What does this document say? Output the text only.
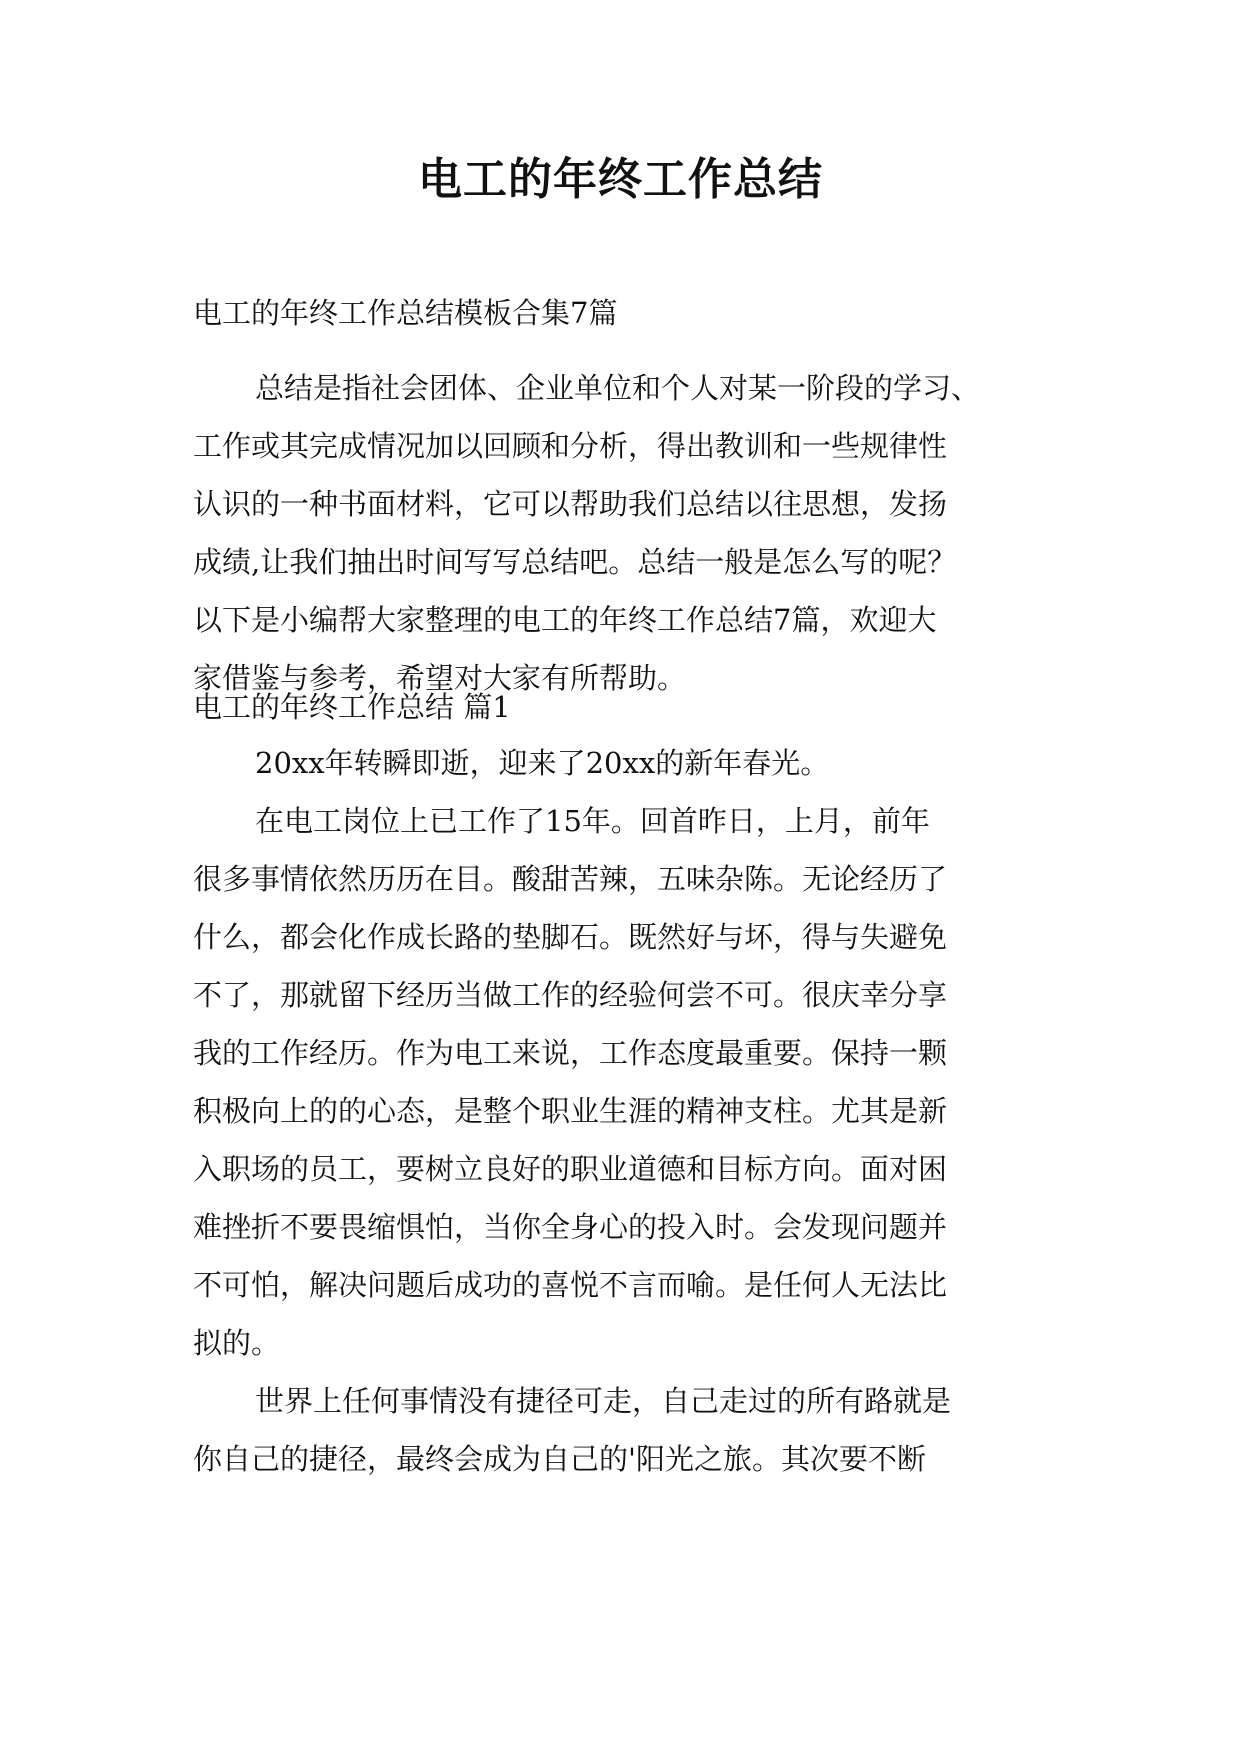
电工的年终工作总结
电工的年终工作总结模板合集7篇
总结是指社会团体、企业单位和个人对某一阶段的学习、
工作或其完成情况加以回顾和分析，得出教训和一些规律性
认识的一种书面材料，它可以帮助我们总结以往思想，发扬
成绩,让我们抽出时间写写总结吧。总结一般是怎么写的呢？
以下是小编帮大家整理的电工的年终工作总结7篇，欢迎大
家借鉴与参考，希望对大家有所帮助。
电工的年终工作总结 篇1
20xx年转瞬即逝，迎来了20xx的新年春光。
在电工岗位上已工作了15年。回首昨日，上月，前年
很多事情依然历历在目。酸甜苦辣，五味杂陈。无论经历了
什么，都会化作成长路的垫脚石。既然好与坏，得与失避免
不了，那就留下经历当做工作的经验何尝不可。很庆幸分享
我的工作经历。作为电工来说，工作态度最重要。保持一颗
积极向上的的心态，是整个职业生涯的精神支柱。尤其是新
入职场的员工，要树立良好的职业道德和目标方向。面对困
难挫折不要畏缩惧怕，当你全身心的投入时。会发现问题并
不可怕，解决问题后成功的喜悦不言而喻。是任何人无法比
拟的。
世界上任何事情没有捷径可走，自己走过的所有路就是
你自己的捷径，最终会成为自己的'阳光之旅。其次要不断
